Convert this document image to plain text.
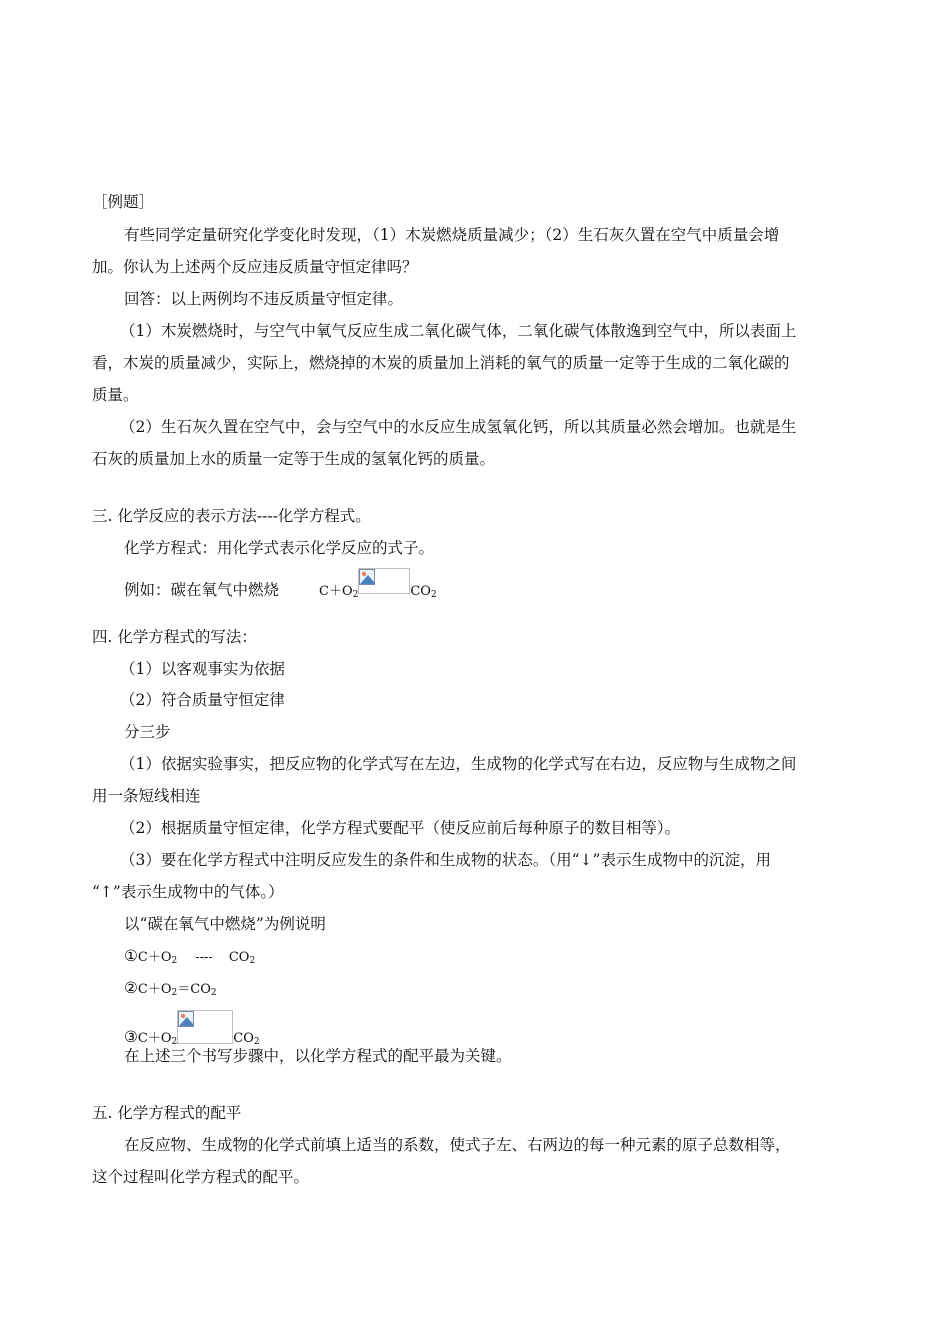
［例题］
有些同学定量研究化学变化时发现，（1）木炭燃烧质量减少；（2）生石灰久置在空气中质量会增
加。你认为上述两个反应违反质量守恒定律吗？
回答：以上两例均不违反质量守恒定律。
（1）木炭燃烧时，与空气中氧气反应生成二氧化碳气体，二氧化碳气体散逸到空气中，所以表面上
看，木炭的质量减少，实际上，燃烧掉的木炭的质量加上消耗的氧气的质量一定等于生成的二氧化碳的
质量。
（2）生石灰久置在空气中，会与空气中的水反应生成氢氧化钙，所以其质量必然会增加。也就是生
石灰的质量加上水的质量一定等于生成的氢氧化钙的质量。
三. 化学反应的表示方法----化学方程式。
化学方程式：用化学式表示化学反应的式子。
例如：碳在氧气中燃烧	$C+O_2$	$CO_2$
四. 化学方程式的写法：
（1）以客观事实为依据
（2）符合质量守恒定律
分三步
（1）依据实验事实，把反应物的化学式写在左边，生成物的化学式写在右边，反应物与生成物之间
用一条短线相连
（2）根据质量守恒定律，化学方程式要配平（使反应前后每种原子的数目相等）。
（3）要在化学方程式中注明反应发生的条件和生成物的状态。（用“↓”表示生成物中的沉淀，用
“↑”表示生成物中的气体。）
以“碳在氧气中燃烧”为例说明
$①C+O_2$ ---- $CO_2$
$②C+O_2=CO_2$
$③C+O_2$	$CO_2$
在上述三个书写步骤中，以化学方程式的配平最为关键。
五. 化学方程式的配平
在反应物、生成物的化学式前填上适当的系数，使式子左、右两边的每一种元素的原子总数相等，
这个过程叫化学方程式的配平。
